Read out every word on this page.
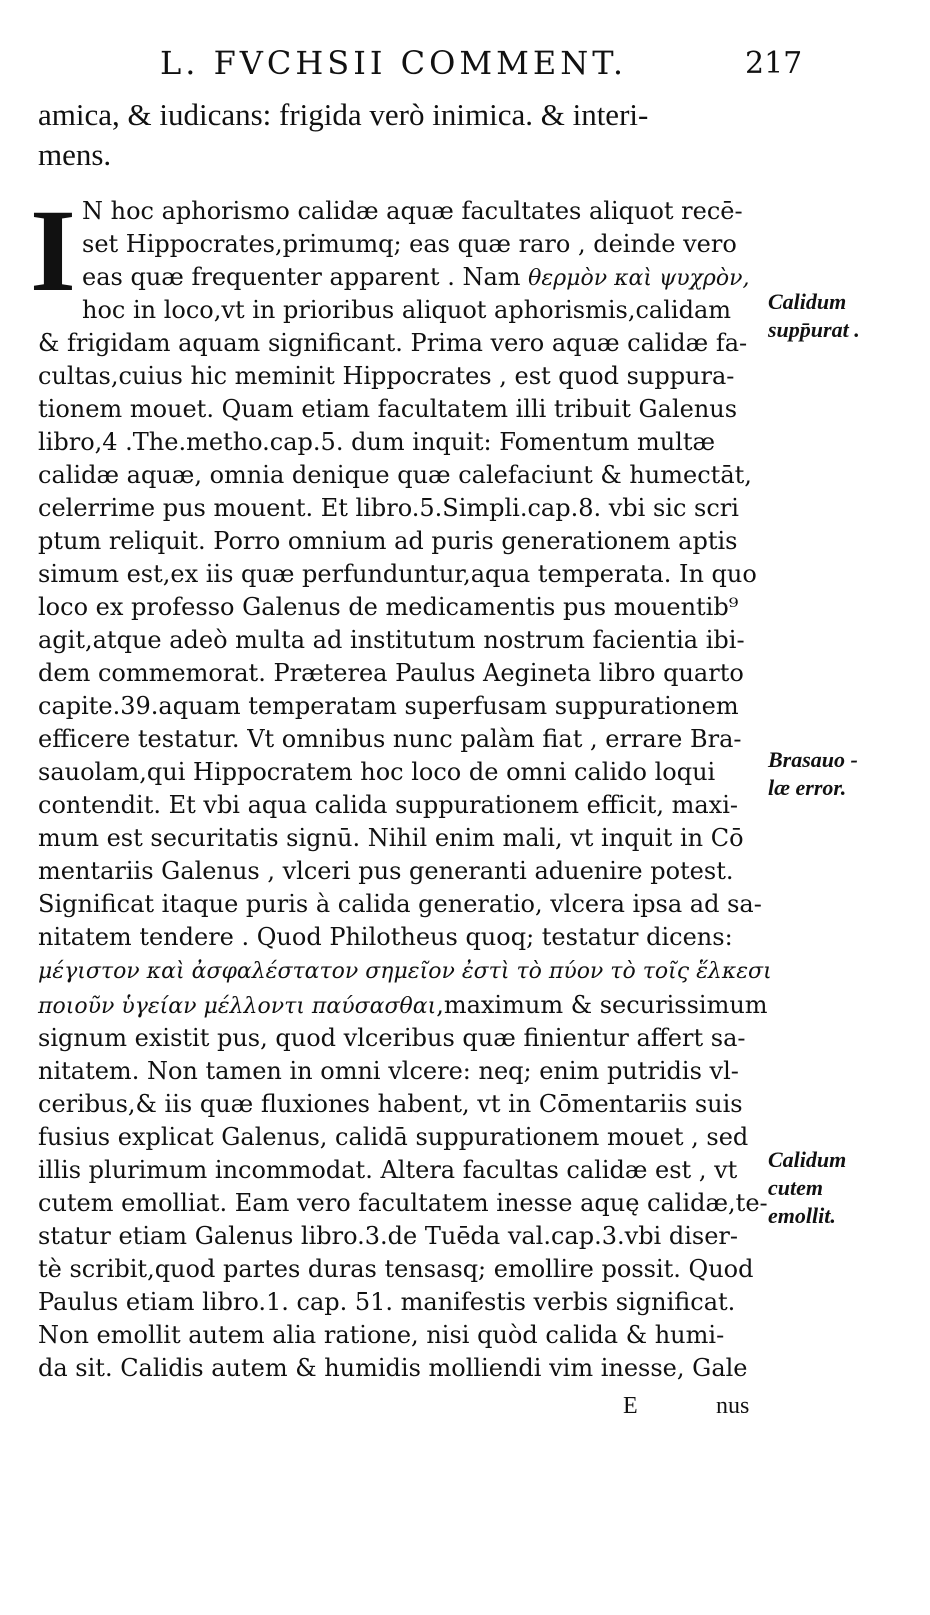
L. FVCHSII COMMENT.	217
amica, & iudicans: frigida verò inimica. & interi-
mens.
I N hoc aphorismo calidæ aquæ facultates aliquot recē-
set Hippocrates,primumq; eas quæ raro , deinde vero
eas quæ frequenter apparent . Nam θερμὸν καὶ ψυχρὸν,
hoc in loco,vt in prioribus aliquot aphorismis,calidam
& frigidam aquam significant. Prima vero aquæ calidæ fa-
cultas,cuius hic meminit Hippocrates , est quod suppura-
tionem mouet. Quam etiam facultatem illi tribuit Galenus
libro,4 .The.metho.cap.5. dum inquit: Fomentum multæ
calidæ aquæ, omnia denique quæ calefaciunt & humectāt,
celerrime pus mouent. Et libro.5.Simpli.cap.8. vbi sic scri
ptum reliquit. Porro omnium ad puris generationem aptis
simum est,ex iis quæ perfunduntur,aqua temperata. In quo
loco ex professo Galenus de medicamentis pus mouentib⁹
agit,atque adeò multa ad institutum nostrum facientia ibi-
dem commemorat. Præterea Paulus Aegineta libro quarto
capite.39.aquam temperatam superfusam suppurationem
efficere testatur. Vt omnibus nunc palàm fiat , errare Bra-
sauolam,qui Hippocratem hoc loco de omni calido loqui
contendit. Et vbi aqua calida suppurationem efficit, maxi-
mum est securitatis signū. Nihil enim mali, vt inquit in Cō
mentariis Galenus , vlceri pus generanti aduenire potest.
Significat itaque puris à calida generatio, vlcera ipsa ad sa-
nitatem tendere . Quod Philotheus quoq; testatur dicens:
μέγιστον καὶ ἀσφαλέστατον σημεῖον ἐστὶ τὸ πύον τὸ τοῖς ἕλκεσι
ποιοῦν ὑγείαν μέλλοντι παύσασθαι,maximum & securissimum
signum existit pus, quod vlceribus quæ finientur affert sa-
nitatem. Non tamen in omni vlcere: neq; enim putridis vl-
ceribus,& iis quæ fluxiones habent, vt in Cōmentariis suis
fusius explicat Galenus, calidā suppurationem mouet , sed
illis plurimum incommodat. Altera facultas calidæ est , vt
cutem emolliat. Eam vero facultatem inesse aquę calidæ,te-
statur etiam Galenus libro.3.de Tuēda val.cap.3.vbi diser-
tè scribit,quod partes duras tensasq; emollire possit. Quod
Paulus etiam libro.1. cap. 51. manifestis verbis significat.
Non emollit autem alia ratione, nisi quòd calida & humi-
da sit. Calidis autem & humidis molliendi vim inesse, Gale
E	nus
Calidum
supp̄urat .
Brasauo -
læ error.
Calidum
cutem
emollit.
